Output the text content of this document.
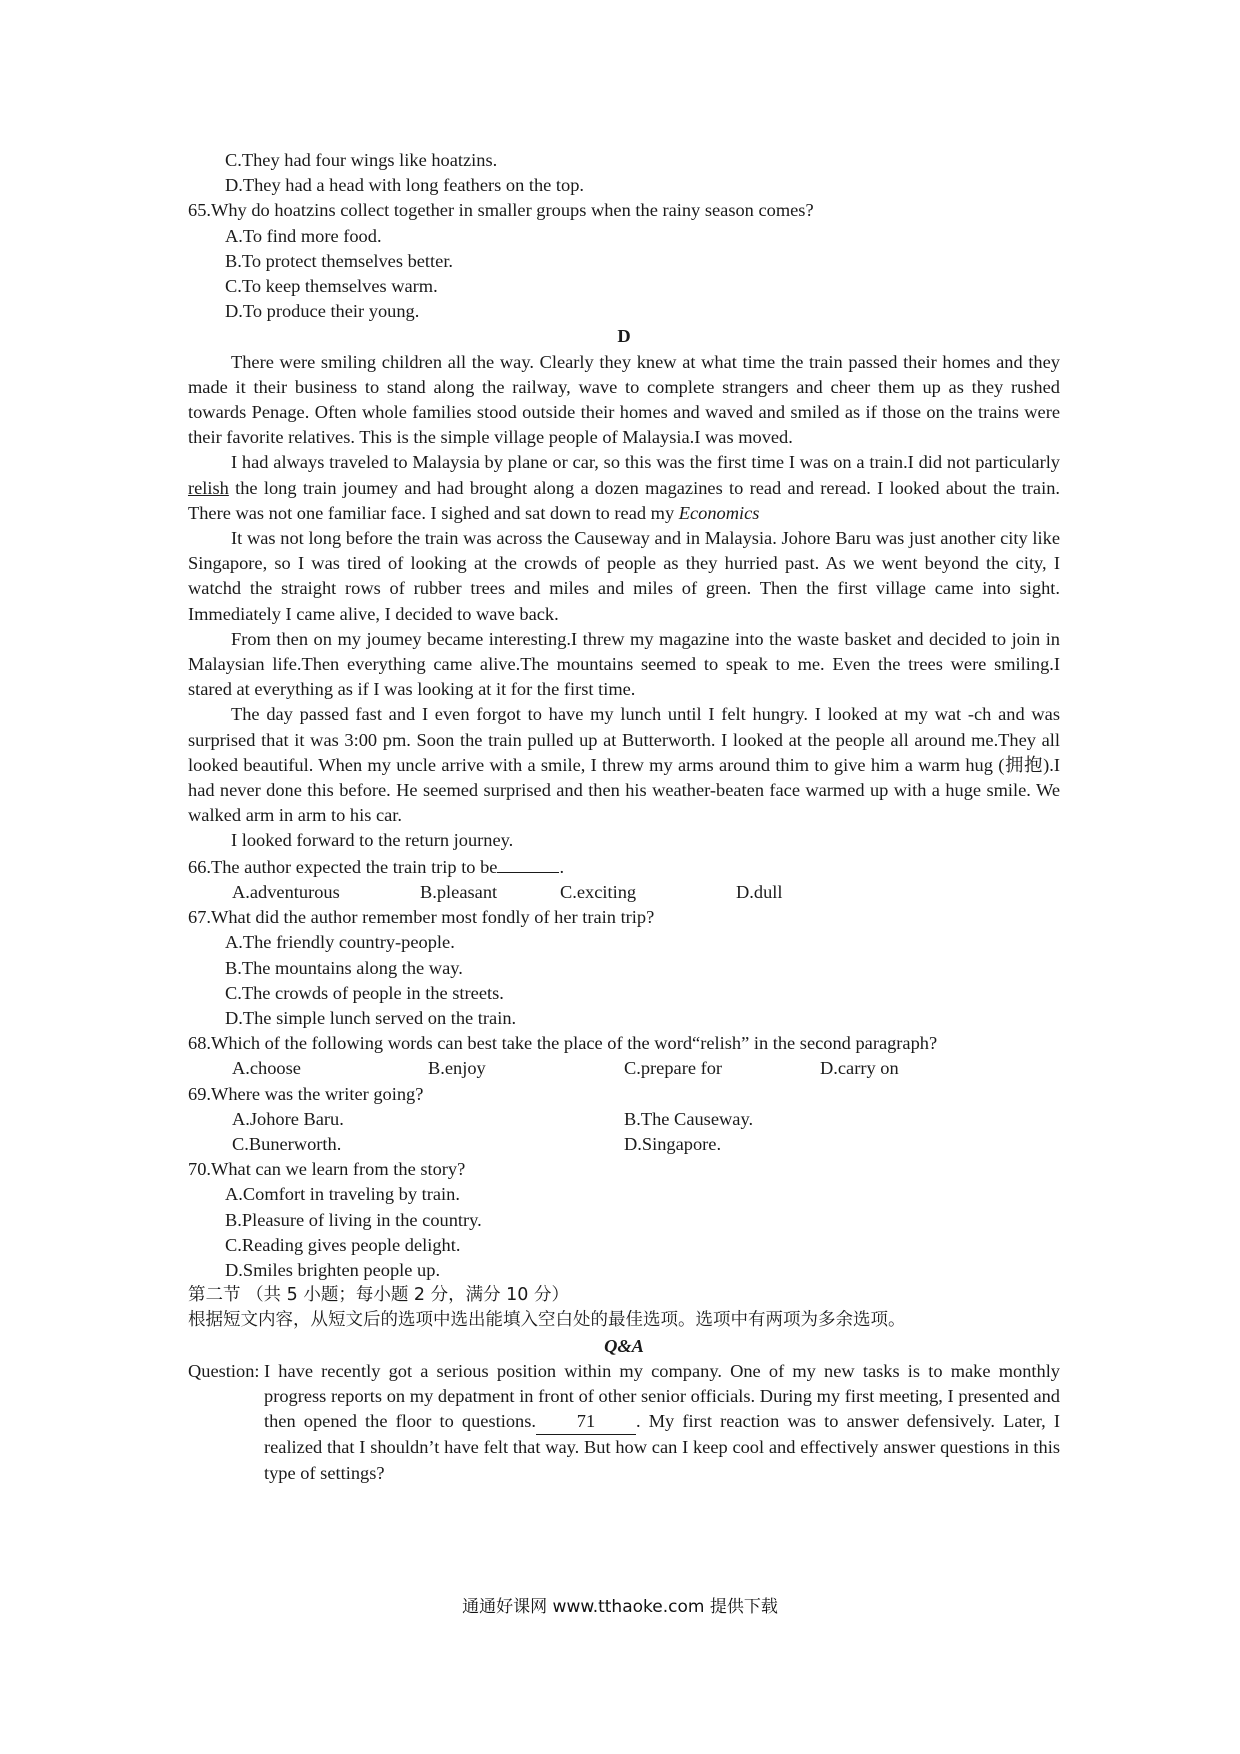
C.They had four wings like hoatzins.
D.They had a head with long feathers on the top.
65.Why do hoatzins collect together in smaller groups when the rainy season comes?
A.To find more food.
B.To protect themselves better.
C.To keep themselves warm.
D.To produce their young.
D

There were smiling children all the way. Clearly they knew at what time the train passed their homes and they made it their business to stand along the railway, wave to complete strangers and cheer them up as they rushed towards Penage. Often whole families stood outside their homes and waved and smiled as if those on the trains were their favorite relatives. This is the simple village people of Malaysia.I was moved.

I had always traveled to Malaysia by plane or car, so this was the first time I was on a train.I did not particularly relish the long train joumey and had brought along a dozen magazines to read and reread. I looked about the train. There was not one familiar face. I sighed and sat down to read my Economics

It was not long before the train was across the Causeway and in Malaysia. Johore Baru was just another city like Singapore, so I was tired of looking at the crowds of people as they hurried past. As we went beyond the city, I watchd the straight rows of rubber trees and miles and miles of green. Then the first village came into sight. Immediately I came alive, I decided to wave back.

From then on my joumey became interesting.I threw my magazine into the waste basket and decided to join in Malaysian life.Then everything came alive.The mountains seemed to speak to me. Even the trees were smiling.I stared at everything as if I was looking at it for the first time.

The day passed fast and I even forgot to have my lunch until I felt hungry. I looked at my wat -ch and was surprised that it was 3:00 pm. Soon the train pulled up at Butterworth. I looked at the people all around me.They all looked beautiful. When my uncle arrive with a smile, I threw my arms around thim to give him a warm hug (拥抱).I had never done this before. He seemed surprised and then his weather-beaten face warmed up with a huge smile. We walked arm in arm to his car.

I looked forward to the return journey.

66.The author expected the train trip to be	.
A.adventurous	B.pleasant	C.exciting	D.dull
67.What did the author remember most fondly of her train trip?
A.The friendly country-people.
B.The mountains along the way.
C.The crowds of people in the streets.
D.The simple lunch served on the train.
68.Which of the following words can best take the place of the word“relish” in the second paragraph?
A.choose	B.enjoy	C.prepare for	D.carry on
69.Where was the writer going?
A.Johore Baru.	B.The Causeway.
C.Bunerworth.	D.Singapore.
70.What can we learn from the story?
A.Comfort in traveling by train.
B.Pleasure of living in the country.
C.Reading gives people delight.
D.Smiles brighten people up.
第二节 （共 5 小题；每小题 2 分，满分 10 分）
根据短文内容，从短文后的选项中选出能填入空白处的最佳选项。选项中有两项为多余选项。
Q&A
Question: I have recently got a serious position within my company. One of my new tasks is to make monthly progress reports on my depatment in front of other senior officials. During my first meeting, I presented and then opened the floor to questions. 71 . My first reaction was to answer defensively. Later, I realized that I shouldn’t have felt that way. But how can I keep cool and effectively answer questions in this type of settings?
通通好课网 www.tthaoke.com 提供下载
